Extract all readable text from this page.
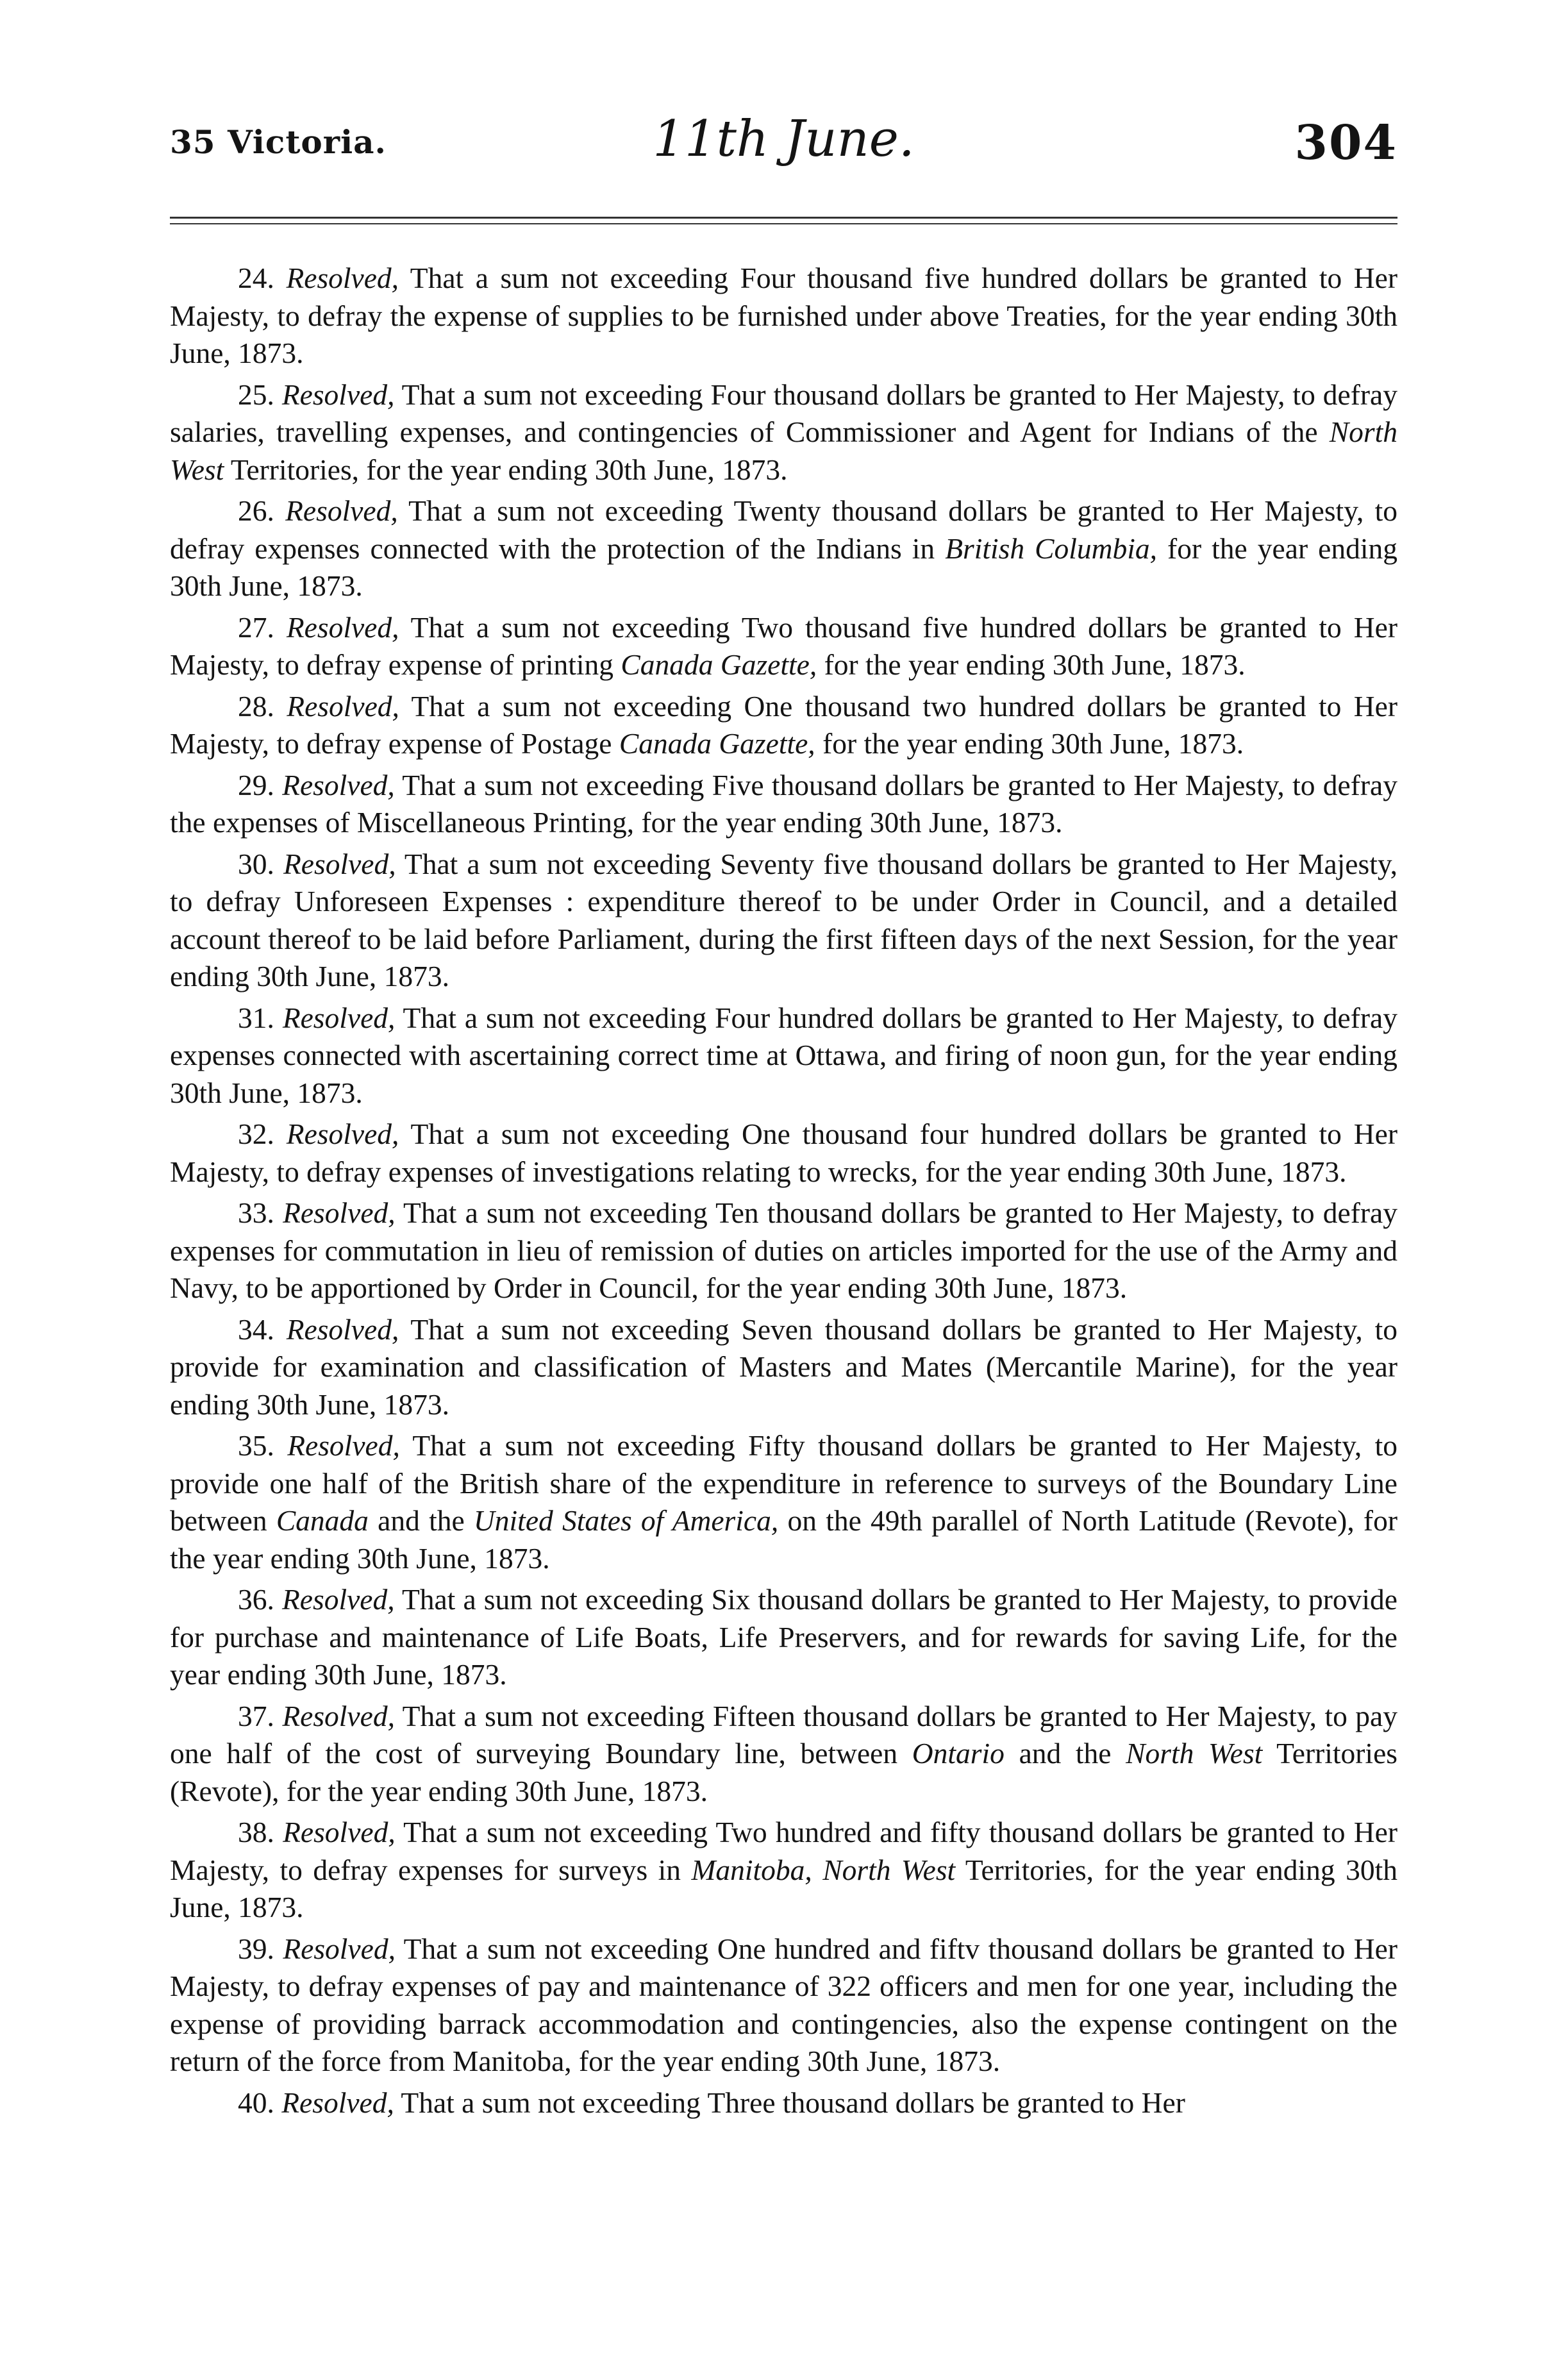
35 Victoria.	11th June.	304

24. Resolved, That a sum not exceeding Four thousand five hundred dollars be granted to Her Majesty, to defray the expense of supplies to be furnished under above Treaties, for the year ending 30th June, 1873.

25. Resolved, That a sum not exceeding Four thousand dollars be granted to Her Majesty, to defray salaries, travelling expenses, and contingencies of Commissioner and Agent for Indians of the North West Territories, for the year ending 30th June, 1873.

26. Resolved, That a sum not exceeding Twenty thousand dollars be granted to Her Majesty, to defray expenses connected with the protection of the Indians in British Columbia, for the year ending 30th June, 1873.

27. Resolved, That a sum not exceeding Two thousand five hundred dollars be granted to Her Majesty, to defray expense of printing Canada Gazette, for the year ending 30th June, 1873.

28. Resolved, That a sum not exceeding One thousand two hundred dollars be granted to Her Majesty, to defray expense of Postage Canada Gazette, for the year ending 30th June, 1873.

29. Resolved, That a sum not exceeding Five thousand dollars be granted to Her Majesty, to defray the expenses of Miscellaneous Printing, for the year ending 30th June, 1873.

30. Resolved, That a sum not exceeding Seventy five thousand dollars be granted to Her Majesty, to defray Unforeseen Expenses : expenditure thereof to be under Order in Council, and a detailed account thereof to be laid before Parliament, during the first fifteen days of the next Session, for the year ending 30th June, 1873.

31. Resolved, That a sum not exceeding Four hundred dollars be granted to Her Majesty, to defray expenses connected with ascertaining correct time at Ottawa, and firing of noon gun, for the year ending 30th June, 1873.

32. Resolved, That a sum not exceeding One thousand four hundred dollars be granted to Her Majesty, to defray expenses of investigations relating to wrecks, for the year ending 30th June, 1873.

33. Resolved, That a sum not exceeding Ten thousand dollars be granted to Her Majesty, to defray expenses for commutation in lieu of remission of duties on articles imported for the use of the Army and Navy, to be apportioned by Order in Council, for the year ending 30th June, 1873.

34. Resolved, That a sum not exceeding Seven thousand dollars be granted to Her Majesty, to provide for examination and classification of Masters and Mates (Mercantile Marine), for the year ending 30th June, 1873.

35. Resolved, That a sum not exceeding Fifty thousand dollars be granted to Her Majesty, to provide one half of the British share of the expenditure in reference to surveys of the Boundary Line between Canada and the United States of America, on the 49th parallel of North Latitude (Revote), for the year ending 30th June, 1873.

36. Resolved, That a sum not exceeding Six thousand dollars be granted to Her Majesty, to provide for purchase and maintenance of Life Boats, Life Preservers, and for rewards for saving Life, for the year ending 30th June, 1873.

37. Resolved, That a sum not exceeding Fifteen thousand dollars be granted to Her Majesty, to pay one half of the cost of surveying Boundary line, between Ontario and the North West Territories (Revote), for the year ending 30th June, 1873.

38. Resolved, That a sum not exceeding Two hundred and fifty thousand dollars be granted to Her Majesty, to defray expenses for surveys in Manitoba, North West Territories, for the year ending 30th June, 1873.

39. Resolved, That a sum not exceeding One hundred and fiftv thousand dollars be granted to Her Majesty, to defray expenses of pay and maintenance of 322 officers and men for one year, including the expense of providing barrack accommodation and contingencies, also the expense contingent on the return of the force from Manitoba, for the year ending 30th June, 1873.

40. Resolved, That a sum not exceeding Three thousand dollars be granted to Her
